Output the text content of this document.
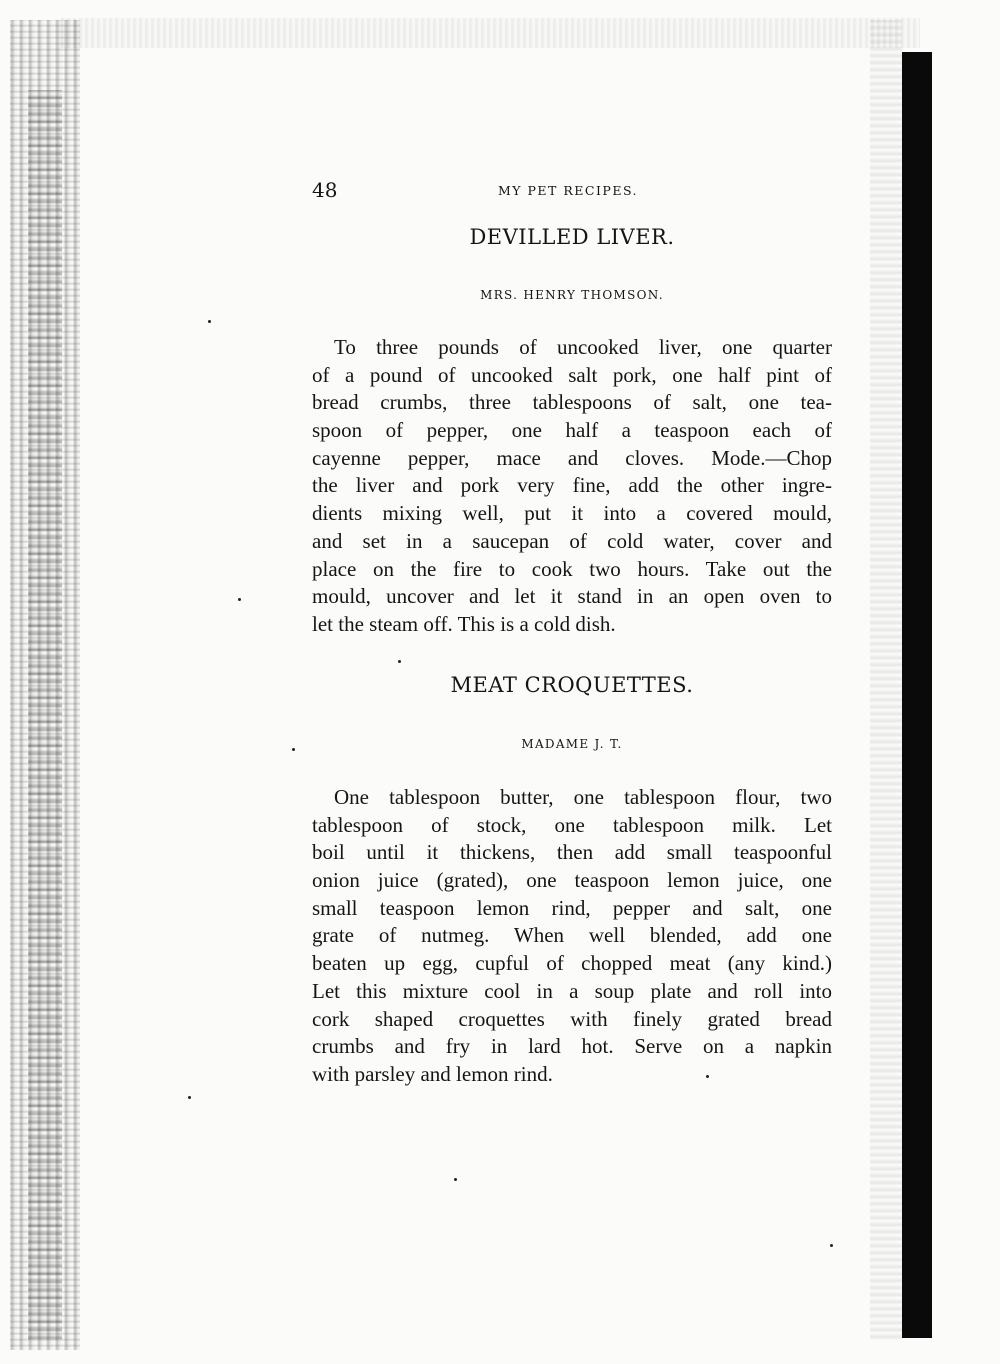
48	MY PET RECIPES.
DEVILLED LIVER.
MRS. HENRY THOMSON.
To three pounds of uncooked liver, one quarter
of a pound of uncooked salt pork, one half pint of
bread crumbs, three tablespoons of salt, one tea-
spoon of pepper, one half a teaspoon each of
cayenne pepper, mace and cloves. Mode.—Chop
the liver and pork very fine, add the other ingre-
dients mixing well, put it into a covered mould,
and set in a saucepan of cold water, cover and
place on the fire to cook two hours. Take out the
mould, uncover and let it stand in an open oven to
let the steam off. This is a cold dish.
MEAT CROQUETTES.
MADAME J. T.
One tablespoon butter, one tablespoon flour, two
tablespoon of stock, one tablespoon milk. Let
boil until it thickens, then add small teaspoonful
onion juice (grated), one teaspoon lemon juice, one
small teaspoon lemon rind, pepper and salt, one
grate of nutmeg. When well blended, add one
beaten up egg, cupful of chopped meat (any kind.)
Let this mixture cool in a soup plate and roll into
cork shaped croquettes with finely grated bread
crumbs and fry in lard hot. Serve on a napkin
with parsley and lemon rind.
